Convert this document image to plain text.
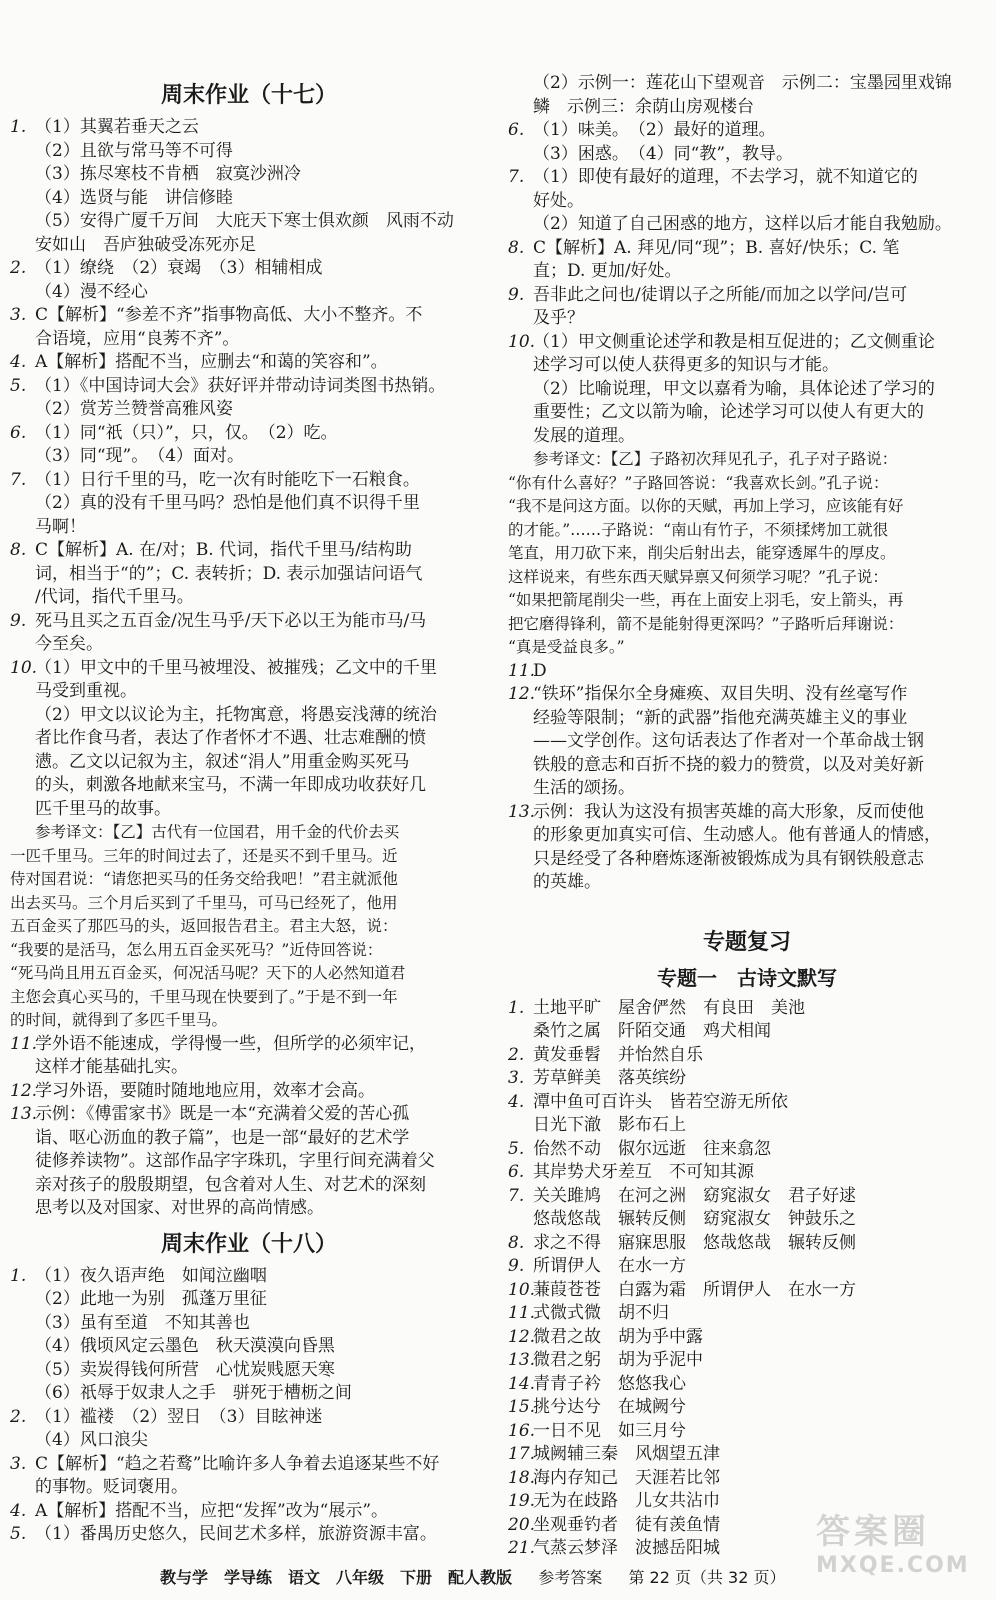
周末作业（十七）
1. （1）其翼若垂天之云
（2）且欲与常马等不可得
（3）拣尽寒枝不肯栖　寂寞沙洲冷
（4）选贤与能　讲信修睦
（5）安得广厦千万间　大庇天下寒士俱欢颜　风雨不动
安如山　吾庐独破受冻死亦足
2. （1）缭绕　（2）衰竭　（3）相辅相成
（4）漫不经心
3. C【解析】“参差不齐”指事物高低、大小不整齐。不
合语境，应用“良莠不齐”。
4. A【解析】搭配不当，应删去“和蔼的笑容和”。
5. （1）《中国诗词大会》获好评并带动诗词类图书热销。
（2）赏芳兰赞誉高雅风姿
6. （1）同“祇（只）”，只，仅。　（2）吃。
（3）同“现”。　（4）面对。
7. （1）日行千里的马，吃一次有时能吃下一石粮食。
（2）真的没有千里马吗？恐怕是他们真不识得千里
马啊！
8. C【解析】A. 在/对；B. 代词，指代千里马/结构助
词，相当于“的”；C. 表转折；D. 表示加强诘问语气
/代词，指代千里马。
9. 死马且买之五百金/况生马乎/天下必以王为能市马/马
今至矣。
10.
（1）甲文中的千里马被埋没、被摧残；乙文中的千里
马受到重视。
（2）甲文以议论为主，托物寓意，将愚妄浅薄的统治
者比作食马者，表达了作者怀才不遇、壮志难酬的愤
懑。乙文以记叙为主，叙述“涓人”用重金购买死马
的头，刺激各地献来宝马，不满一年即成功收获好几
匹千里马的故事。
参考译文：【乙】古代有一位国君，用千金的代价去买
一匹千里马。三年的时间过去了，还是买不到千里马。近
侍对国君说：“请您把买马的任务交给我吧！”君主就派他
出去买马。三个月后买到了千里马，可马已经死了，他用
五百金买了那匹马的头，返回报告君主。君主大怒，说：
“我要的是活马，怎么用五百金买死马？”近侍回答说：
“死马尚且用五百金买，何况活马呢？天下的人必然知道君
主您会真心买马的，千里马现在快要到了。”于是不到一年
的时间，就得到了多匹千里马。
11.
学外语不能速成，学得慢一些，但所学的必须牢记，
这样才能基础扎实。
12.
学习外语，要随时随地地应用，效率才会高。
13.
示例：《傅雷家书》既是一本“充满着父爱的苦心孤
诣、呕心沥血的教子篇”，也是一部“最好的艺术学
徒修养读物”。这部作品字字珠玑，字里行间充满着父
亲对孩子的殷殷期望，包含着对人生、对艺术的深刻
思考以及对国家、对世界的高尚情感。
周末作业（十八）
1. （1）夜久语声绝　如闻泣幽咽
（2）此地一为别　孤蓬万里征
（3）虽有至道　不知其善也
（4）俄顷风定云墨色　秋天漠漠向昏黑
（5）卖炭得钱何所营　心忧炭贱愿天寒
（6）祇辱于奴隶人之手　骈死于槽枥之间
2. （1）褴褛　（2）翌日　（3）目眩神迷
（4）风口浪尖
3. C【解析】“趋之若鹜”比喻许多人争着去追逐某些不好
的事物。贬词褒用。
4. A【解析】搭配不当，应把“发挥”改为“展示”。
5. （1）番禺历史悠久，民间艺术多样，旅游资源丰富。
（2）示例一：莲花山下望观音　示例二：宝墨园里戏锦
鳞　示例三：余荫山房观楼台
6. （1）味美。　（2）最好的道理。
（3）困惑。　（4）同“教”，教导。
7. （1）即使有最好的道理，不去学习，就不知道它的
好处。
（2）知道了自己困惑的地方，这样以后才能自我勉励。
8. C【解析】A. 拜见/同“现”；B. 喜好/快乐；C. 笔
直；D. 更加/好处。
9. 吾非此之问也/徒谓以子之所能/而加之以学问/岂可
及乎？
10.
（1）甲文侧重论述学和教是相互促进的；乙文侧重论
述学习可以使人获得更多的知识与才能。
（2）比喻说理，甲文以嘉肴为喻，具体论述了学习的
重要性；乙文以箭为喻，论述学习可以使人有更大的
发展的道理。
参考译文：【乙】子路初次拜见孔子，孔子对子路说：
“你有什么喜好？”子路回答说：“我喜欢长剑。”孔子说：
“我不是问这方面。以你的天赋，再加上学习，应该能有好
的才能。”……子路说：“南山有竹子，不须揉烤加工就很
笔直，用刀砍下来，削尖后射出去，能穿透犀牛的厚皮。
这样说来，有些东西天赋异禀又何须学习呢？”孔子说：
“如果把箭尾削尖一些，再在上面安上羽毛，安上箭头，再
把它磨得锋利，箭不是能射得更深吗？”子路听后拜谢说：
“真是受益良多。”
11.
D
12.
“铁环”指保尔全身瘫痪、双目失明、没有丝毫写作
经验等限制；“新的武器”指他充满英雄主义的事业
——文学创作。这句话表达了作者对一个革命战士钢
铁般的意志和百折不挠的毅力的赞赏，以及对美好新
生活的颂扬。
13.
示例：我认为这没有损害英雄的高大形象，反而使他
的形象更加真实可信、生动感人。他有普通人的情感，
只是经受了各种磨炼逐渐被锻炼成为具有钢铁般意志
的英雄。
专题复习
专题一　古诗文默写
1. 土地平旷　屋舍俨然　有良田　美池
桑竹之属　阡陌交通　鸡犬相闻
2. 黄发垂髫　并怡然自乐
3. 芳草鲜美　落英缤纷
4. 潭中鱼可百许头　皆若空游无所依
日光下澈　影布石上
5. 佁然不动　俶尔远逝　往来翕忽
6. 其岸势犬牙差互　不可知其源
7. 关关雎鸠　在河之洲　窈窕淑女　君子好逑
悠哉悠哉　辗转反侧　窈窕淑女　钟鼓乐之
8. 求之不得　寤寐思服　悠哉悠哉　辗转反侧
9. 所谓伊人　在水一方
10.
蒹葭苍苍　白露为霜　所谓伊人　在水一方
11.
式微式微　胡不归
12.
微君之故　胡为乎中露
13.
微君之躬　胡为乎泥中
14.
青青子衿　悠悠我心
15.
挑兮达兮　在城阙兮
16.
一日不见　如三月兮
17.
城阙辅三秦　风烟望五津
18.
海内存知己　天涯若比邻
19.
无为在歧路　儿女共沾巾
20.
坐观垂钓者　徒有羡鱼情
21.
气蒸云梦泽　波撼岳阳城
教与学　学导练　语文　八年级　下册　配人教版 　 参考答案 　 第 22 页（共 32 页）
答案圈
MXQE.COM
